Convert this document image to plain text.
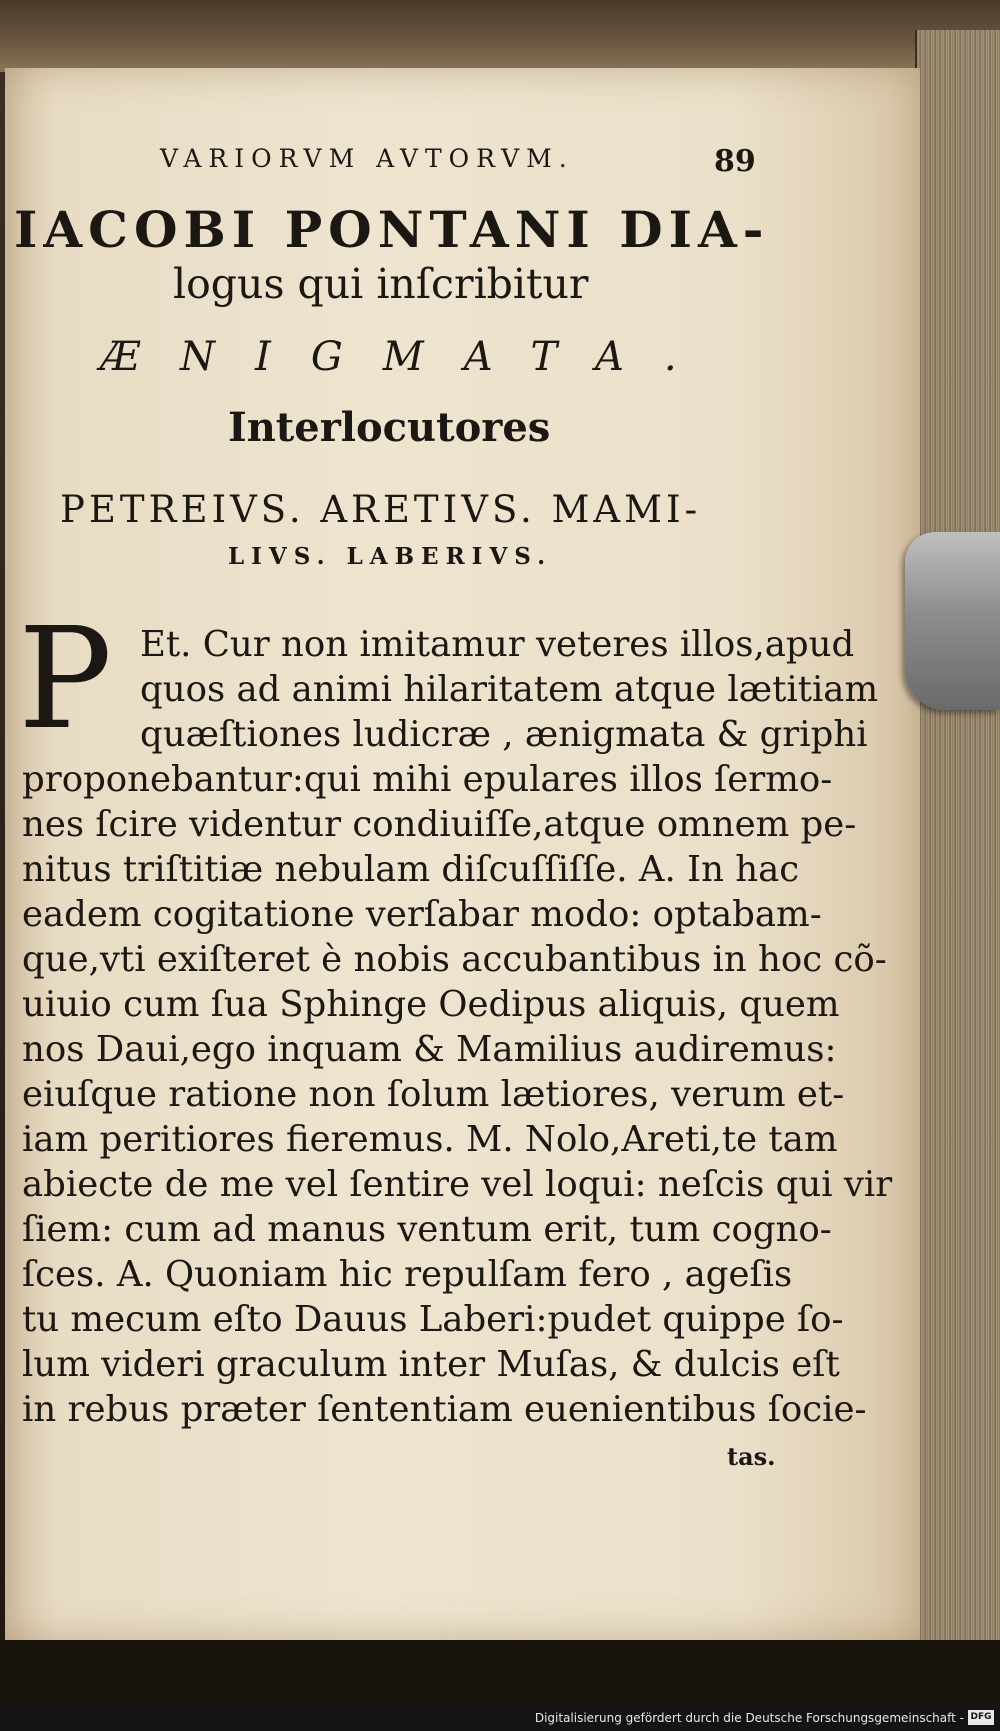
VARIORVM AVTORVM.	89
IACOBI PONTANI DIA-
logus qui inſcribitur
ÆNIGMATA.
Interlocutores
PETREIVS. ARETIVS. MAMI-
LIVS. LABERIVS.
P Et. Cur non imitamur veteres illos,apud
quos ad animi hilaritatem atque lætitiam
quæſtiones ludicræ , ænigmata & griphi
proponebantur:qui mihi epulares illos ſermo-
nes ſcire videntur condiuiſſe,atque omnem pe-
nitus triſtitiæ nebulam diſcuſſiſſe. A. In hac
eadem cogitatione verſabar modo: optabam-
que,vti exiſteret è nobis accubantibus in hoc cõ-
uiuio cum ſua Sphinge Oedipus aliquis, quem
nos Daui,ego inquam & Mamilius audiremus:
eiuſque ratione non ſolum lætiores, verum et-
iam peritiores fieremus. M. Nolo,Areti,te tam
abiecte de me vel ſentire vel loqui: neſcis qui vir
ſiem: cum ad manus ventum erit, tum cogno-
ſces. A. Quoniam hic repulſam fero , ageſis
tu mecum eſto Dauus Laberi:pudet quippe ſo-
lum videri graculum inter Muſas, & dulcis eſt
in rebus præter ſententiam euenientibus ſocie-
tas.
Digitalisierung gefördert durch die Deutsche Forschungsgemeinschaft - DFG
